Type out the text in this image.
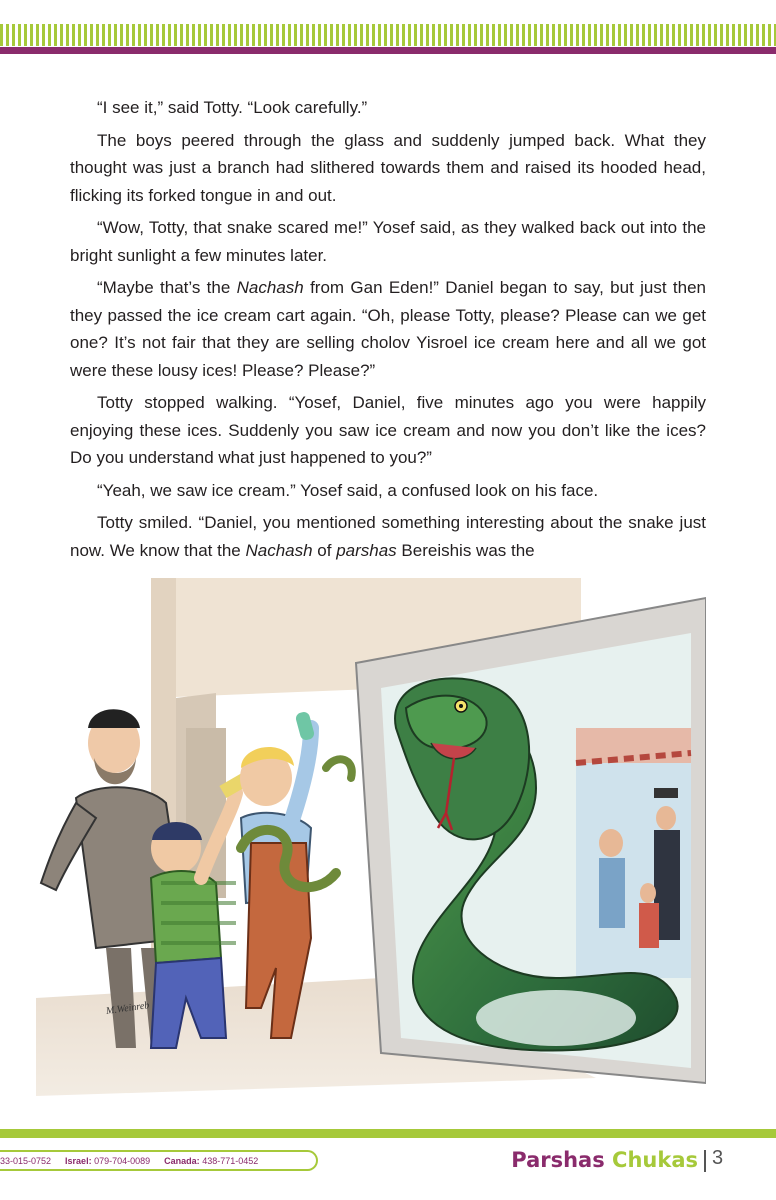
“I see it,” said Totty. “Look carefully.”

The boys peered through the glass and suddenly jumped back. What they thought was just a branch had slithered towards them and raised its hooded head, flicking its forked tongue in and out.

“Wow, Totty, that snake scared me!” Yosef said, as they walked back out into the bright sunlight a few minutes later.

“Maybe that’s the Nachash from Gan Eden!” Daniel began to say, but just then they passed the ice cream cart again. “Oh, please Totty, please? Please can we get one? It’s not fair that they are selling cholov Yisroel ice cream here and all we got were these lousy ices! Please? Please?”

Totty stopped walking. “Yosef, Daniel, five minutes ago you were happily enjoying these ices. Suddenly you saw ice cream and now you don’t like the ices? Do you understand what just happened to you?”

“Yeah, we saw ice cream.” Yosef said, a confused look on his face.

Totty smiled. “Daniel, you mentioned something interesting about the snake just now. We know that the Nachash of parshas Bereishis was the

M.Weinreb
33-015-0752 Israel: 079-704-0089 Canada: 438-771-0452	Parshas Chukas 3
